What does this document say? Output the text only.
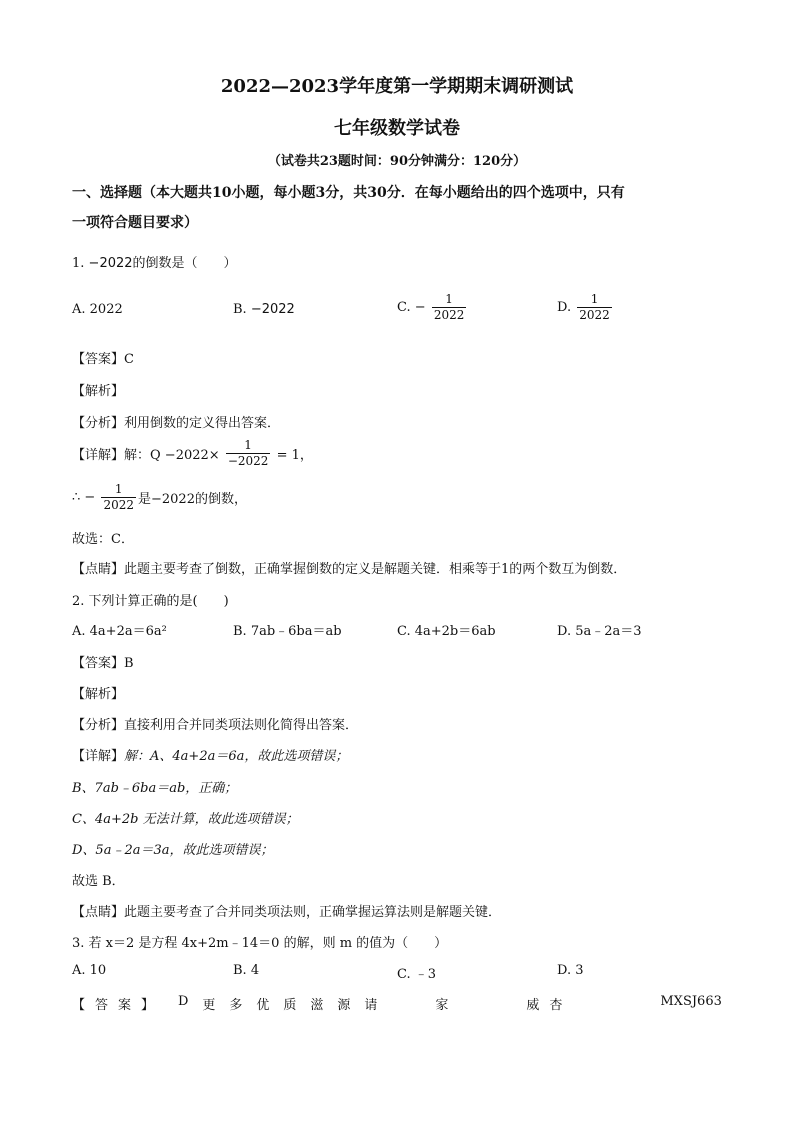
2022—2023学年度第一学期期末调研测试
七年级数学试卷
（试卷共23题时间：90分钟满分：120分）
一、选择题（本大题共10小题，每小题3分，共30分．在每小题给出的四个选项中，只有
一项符合题目要求）
1. −2022的倒数是（　　）
A. 2022	B. −2022	C. − $\frac{1}{2022}$	D. $\frac{1}{2022}$
【答案】C
【解析】
【分析】利用倒数的定义得出答案．
【详解】解：$Q -2022\times \frac{1}{-2022} = 1$，
∴ − $\frac{1}{2022}$ 是−2022的倒数，
故选：C．
【点睛】此题主要考查了倒数，正确掌握倒数的定义是解题关键．相乘等于1的两个数互为倒数．
2. 下列计算正确的是(　　)
A. 4a+2a＝6a²	B. 7ab﹣6ba＝ab	C. 4a+2b＝6ab	D. 5a﹣2a＝3
【答案】B
【解析】
【分析】直接利用合并同类项法则化简得出答案．
【详解】解：A、4a+2a＝6a，故此选项错误；
B、7ab﹣6ba＝ab，正确；
C、4a+2b 无法计算，故此选项错误；
D、5a﹣2a＝3a，故此选项错误；
故选 B．
【点睛】此题主要考查了合并同类项法则，正确掌握运算法则是解题关键．
3. 若 x＝2 是方程 4x+2m﹣14＝0 的解，则 m 的值为（　　）
A. 10	B. 4	C. ﹣3	D. 3
【答案】 D 更 多 优 质 滋 源 请	家	威杏	MXSJ663
